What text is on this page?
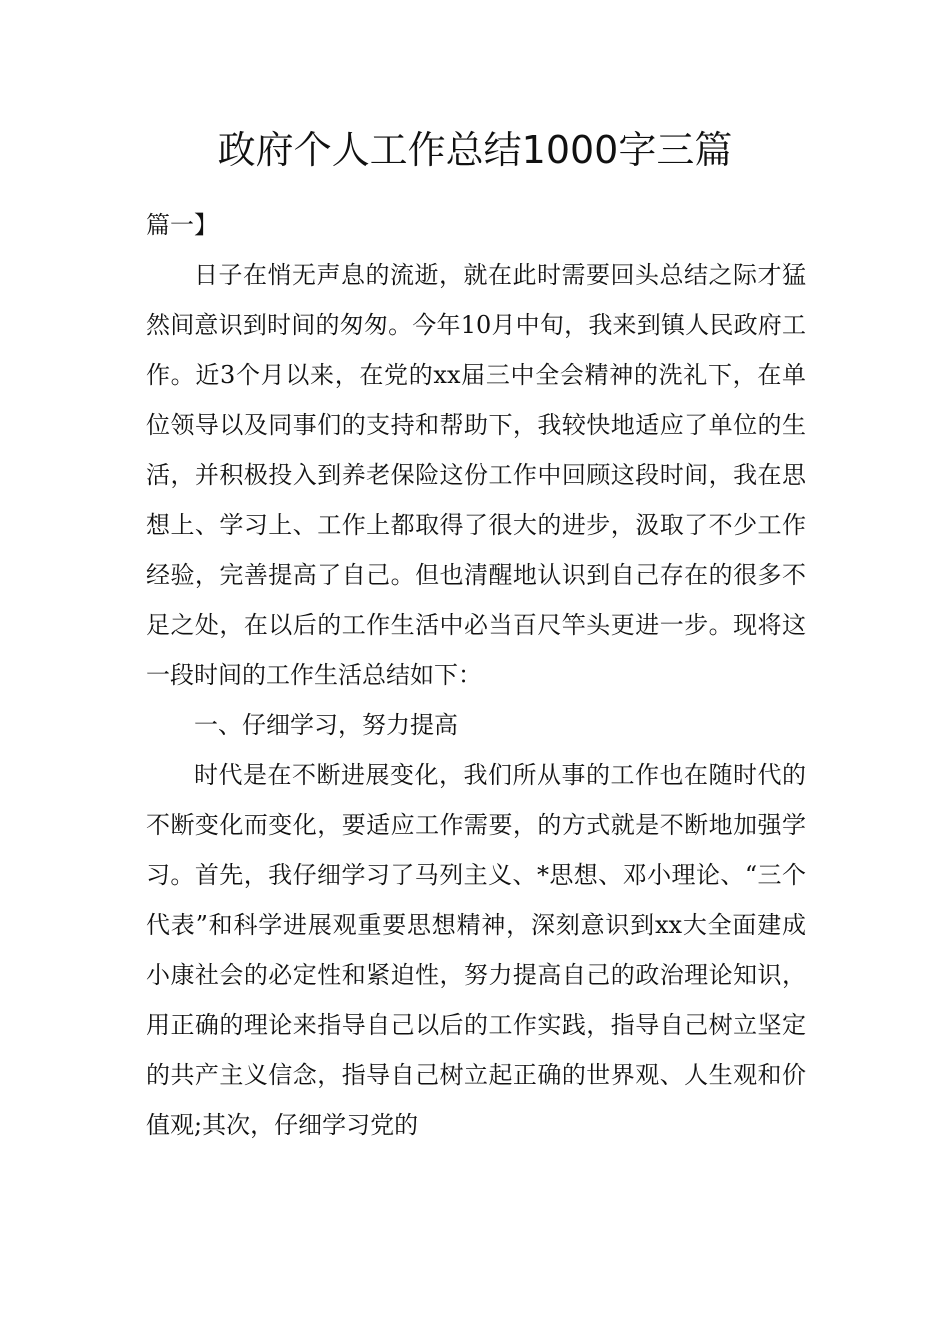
政府个人工作总结1000字三篇

篇一】

日子在悄无声息的流逝，就在此时需要回头总结之际才猛然间意识到时间的匆匆。今年10月中旬，我来到镇人民政府工作。近3个月以来，在党的xx届三中全会精神的洗礼下，在单位领导以及同事们的支持和帮助下，我较快地适应了单位的生活，并积极投入到养老保险这份工作中回顾这段时间，我在思想上、学习上、工作上都取得了很大的进步，汲取了不少工作经验，完善提高了自己。但也清醒地认识到自己存在的很多不足之处，在以后的工作生活中必当百尺竿头更进一步。现将这一段时间的工作生活总结如下：

一、仔细学习，努力提高

时代是在不断进展变化，我们所从事的工作也在随时代的不断变化而变化，要适应工作需要，的方式就是不断地加强学习。首先，我仔细学习了马列主义、*思想、邓小理论、“三个代表”和科学进展观重要思想精神，深刻意识到xx大全面建成小康社会的必定性和紧迫性，努力提高自己的政治理论知识，用正确的理论来指导自己以后的工作实践，指导自己树立坚定的共产主义信念，指导自己树立起正确的世界观、人生观和价值观;其次，仔细学习党的
